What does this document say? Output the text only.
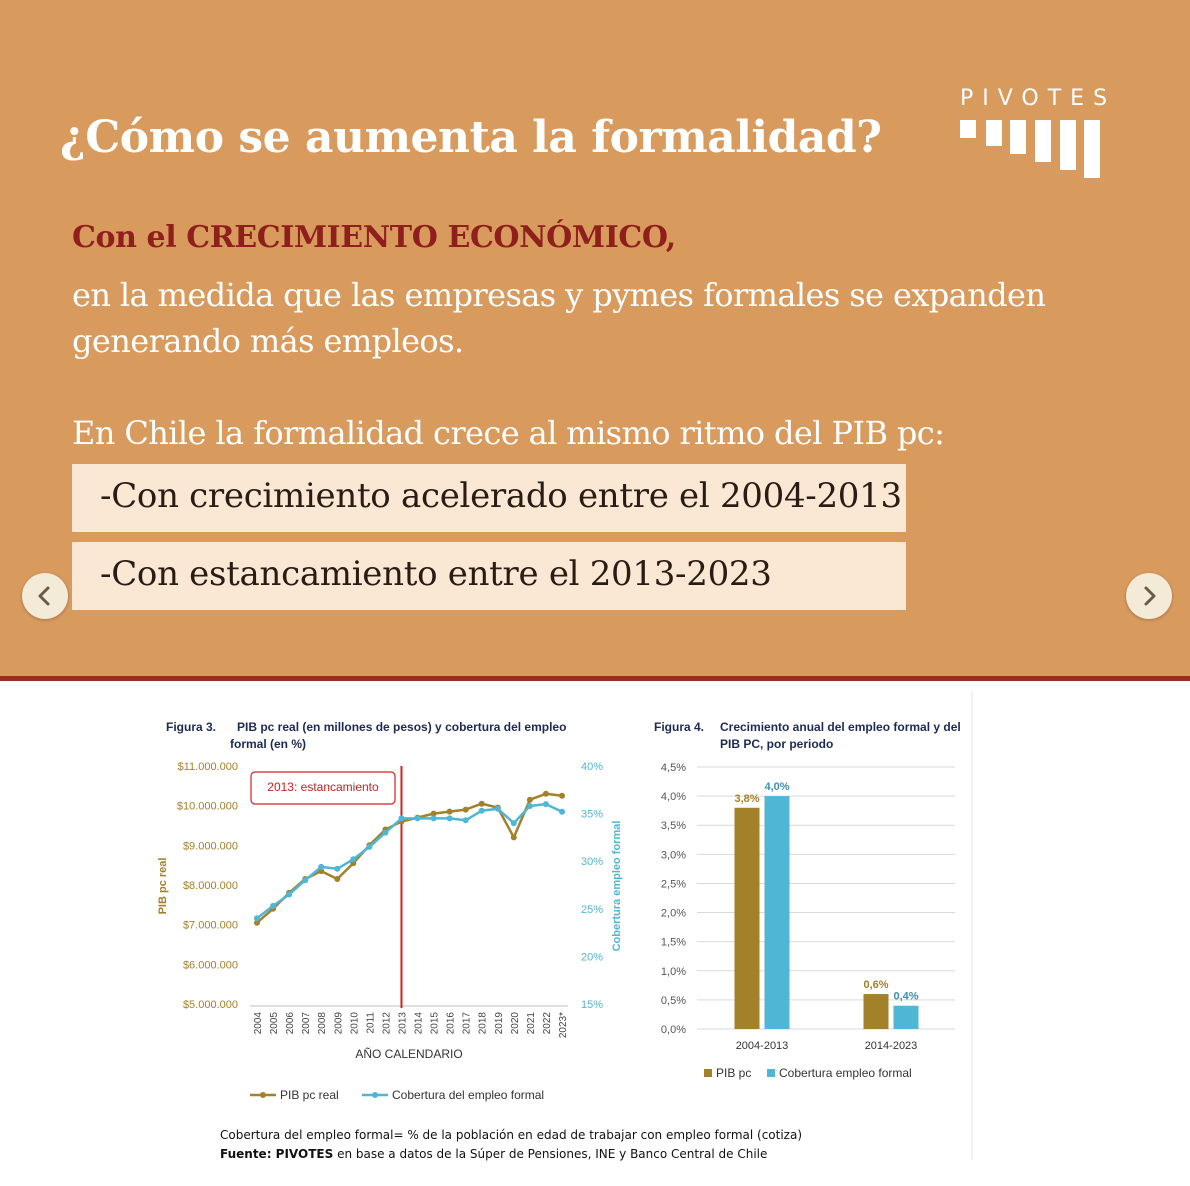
¿Cómo se aumenta la formalidad?
PIVOTES
Con el CRECIMIENTO ECONÓMICO,
en la medida que las empresas y pymes formales se expanden generando más empleos.
En Chile la formalidad crece al mismo ritmo del PIB pc:
-Con crecimiento acelerado entre el 2004-2013
-Con estancamiento entre el 2013-2023
Figura 3. PIB pc real (en millones de pesos) y cobertura del empleo
formal (en %)
$11.000.000
$10.000.000
$9.000.000
$8.000.000
$7.000.000
$6.000.000
$5.000.000
40%
35%
30%
25%
20%
15%
2004 2005 2006 2007 2008 2009 2010 2011 2012 2013 2014 2015 2016 2017 2018 2019 2020 2021 2022 2023*
2013: estancamiento
AÑO CALENDARIO
PIB pc real	Cobertura empleo formal
PIB pc real	Cobertura del empleo formal
Figura 4. Crecimiento anual del empleo formal y del
PIB PC, por periodo
4,5%
4,0%
3,5%
3,0%
2,5%
2,0%
1,5%
1,0%
0,5%
0,0%
3,8%
4,0%
2004-2013
0,6%
0,4%
2014-2023
PIB pc Cobertura empleo formal
Cobertura del empleo formal= % de la población en edad de trabajar con empleo formal (cotiza)
Fuente: PIVOTES en base a datos de la Súper de Pensiones, INE y Banco Central de Chile
